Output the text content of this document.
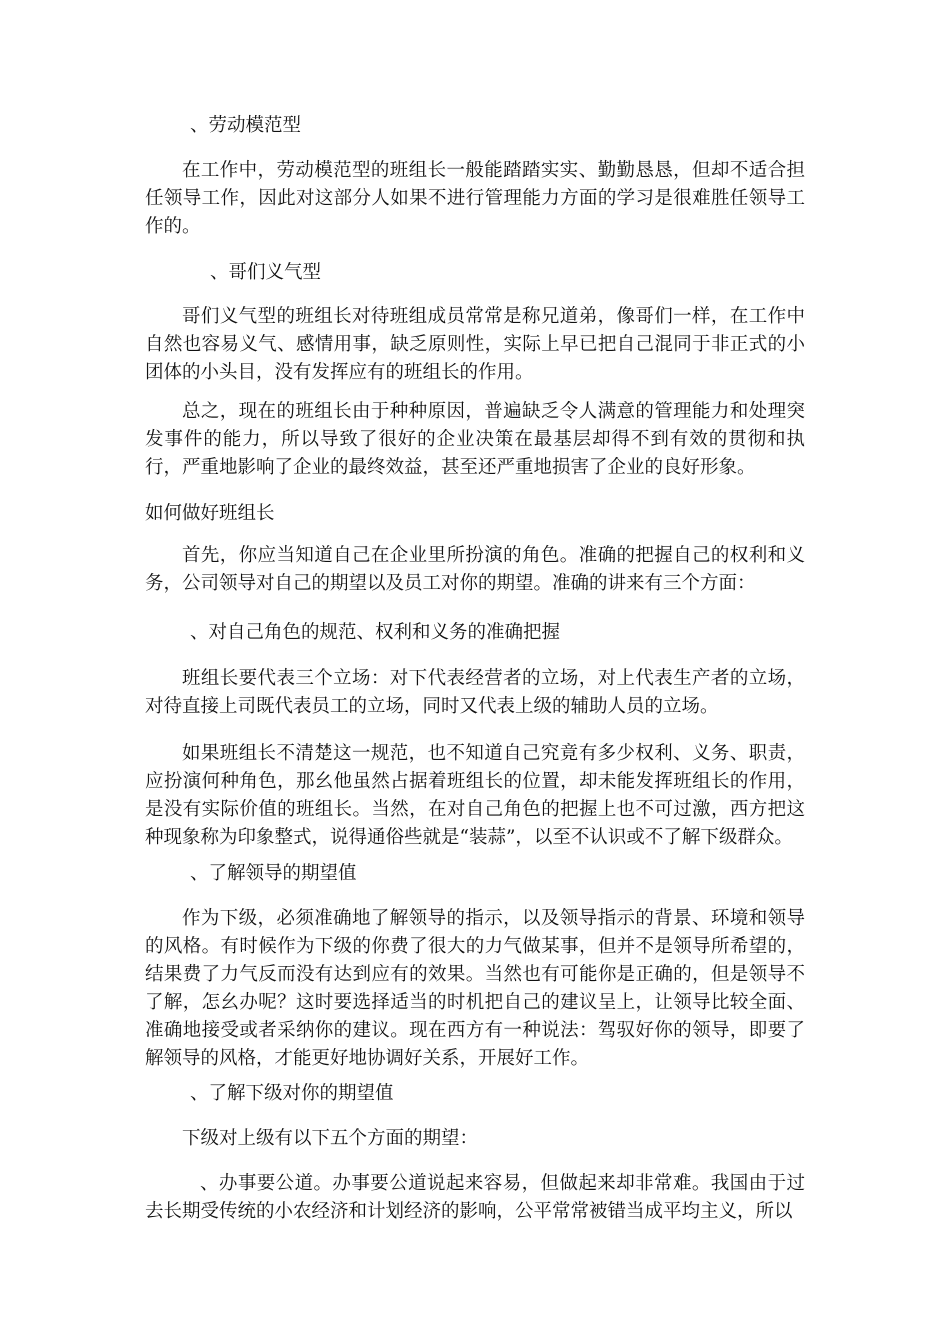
、劳动模范型

在工作中，劳动模范型的班组长一般能踏踏实实、勤勤恳恳，但却不适合担任领导工作，因此对这部分人如果不进行管理能力方面的学习是很难胜任领导工作的。

、哥们义气型

哥们义气型的班组长对待班组成员常常是称兄道弟，像哥们一样，在工作中自然也容易义气、感情用事，缺乏原则性，实际上早已把自己混同于非正式的小团体的小头目，没有发挥应有的班组长的作用。

总之，现在的班组长由于种种原因，普遍缺乏令人满意的管理能力和处理突发事件的能力，所以导致了很好的企业决策在最基层却得不到有效的贯彻和执行，严重地影响了企业的最终效益，甚至还严重地损害了企业的良好形象。

如何做好班组长

首先，你应当知道自己在企业里所扮演的角色。准确的把握自己的权利和义务，公司领导对自己的期望以及员工对你的期望。准确的讲来有三个方面：

、对自己角色的规范、权利和义务的准确把握

班组长要代表三个立场：对下代表经营者的立场，对上代表生产者的立场，对待直接上司既代表员工的立场，同时又代表上级的辅助人员的立场。

如果班组长不清楚这一规范，也不知道自己究竟有多少权利、义务、职责，应扮演何种角色，那幺他虽然占据着班组长的位置，却未能发挥班组长的作用，是没有实际价值的班组长。当然，在对自己角色的把握上也不可过激，西方把这种现象称为印象整式，说得通俗些就是“装蒜”，以至不认识或不了解下级群众。

、了解领导的期望值

作为下级，必须准确地了解领导的指示，以及领导指示的背景、环境和领导的风格。有时候作为下级的你费了很大的力气做某事，但并不是领导所希望的，结果费了力气反而没有达到应有的效果。当然也有可能你是正确的，但是领导不了解，怎幺办呢？这时要选择适当的时机把自己的建议呈上，让领导比较全面、准确地接受或者采纳你的建议。现在西方有一种说法：驾驭好你的领导，即要了解领导的风格，才能更好地协调好关系，开展好工作。

、了解下级对你的期望值

下级对上级有以下五个方面的期望：

、办事要公道。办事要公道说起来容易，但做起来却非常难。我国由于过去长期受传统的小农经济和计划经济的影响，公平常常被错当成平均主义，所以
